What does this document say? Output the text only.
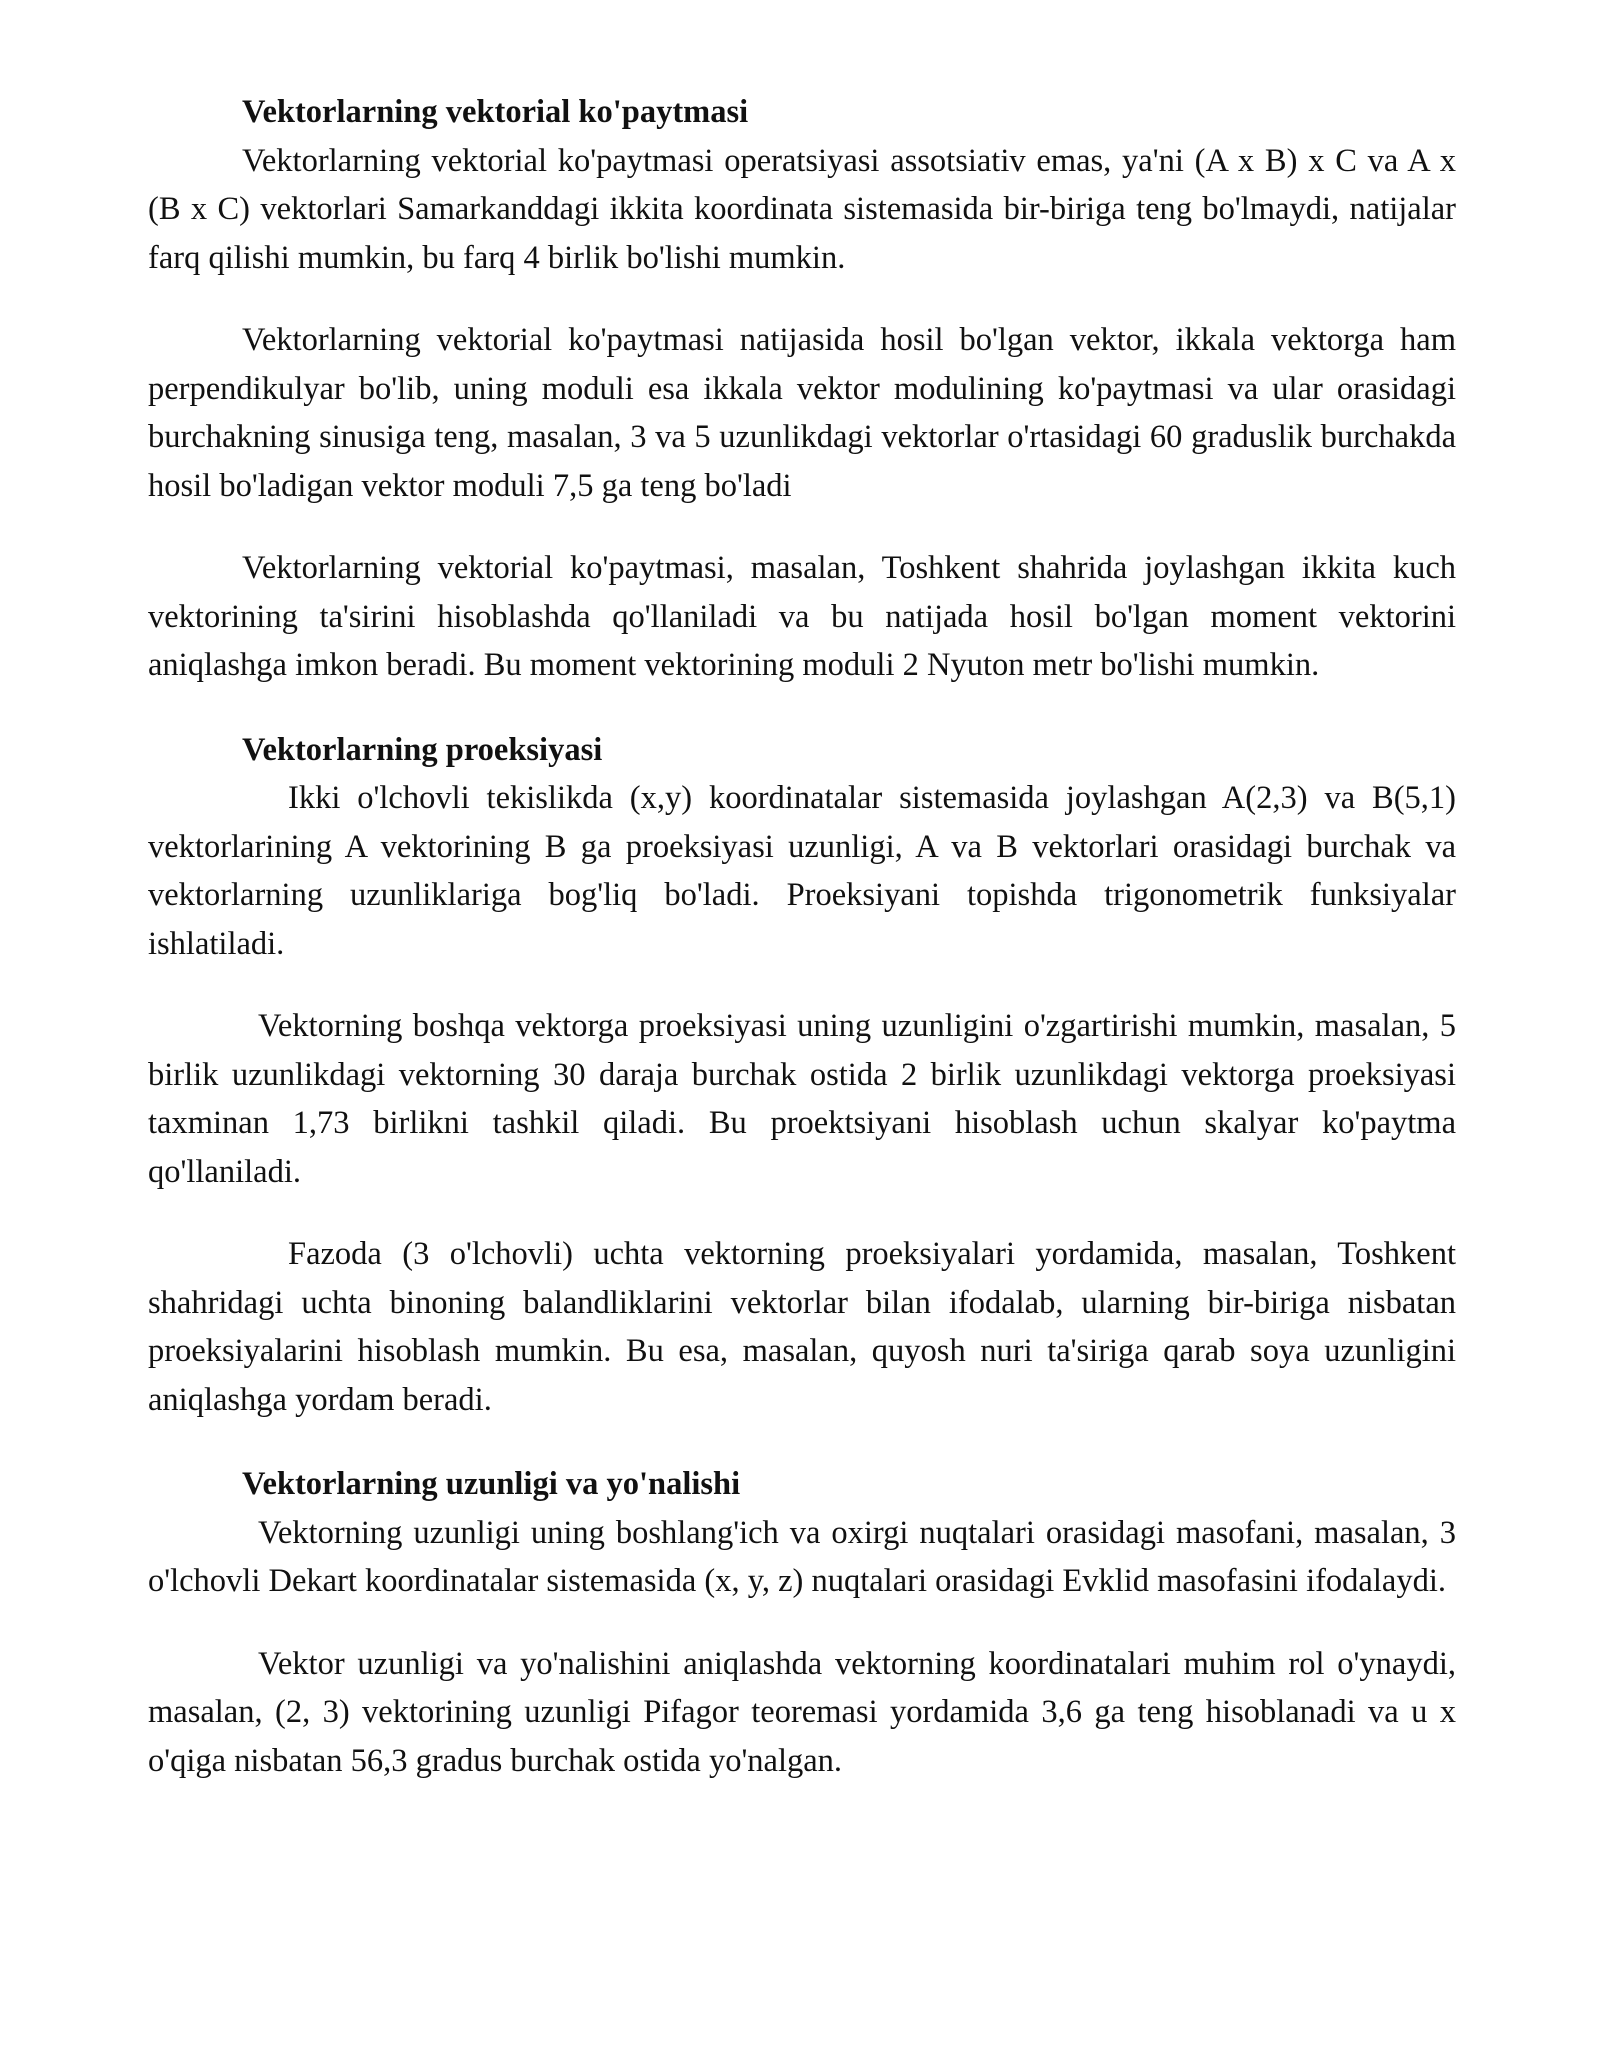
Vektorlarning vektorial ko'paytmasi

Vektorlarning vektorial ko'paytmasi operatsiyasi assotsiativ emas, ya'ni (A x B) x C va A x (B x C) vektorlari Samarkanddagi ikkita koordinata sistemasida bir-biriga teng bo'lmaydi, natijalar farq qilishi mumkin, bu farq 4 birlik bo'lishi mumkin.

Vektorlarning vektorial ko'paytmasi natijasida hosil bo'lgan vektor, ikkala vektorga ham perpendikulyar bo'lib, uning moduli esa ikkala vektor modulining ko'paytmasi va ular orasidagi burchakning sinusiga teng, masalan, 3 va 5 uzunlikdagi vektorlar o'rtasidagi 60 graduslik burchakda hosil bo'ladigan vektor moduli 7,5 ga teng bo'ladi

Vektorlarning vektorial ko'paytmasi, masalan, Toshkent shahrida joylashgan ikkita kuch vektorining ta'sirini hisoblashda qo'llaniladi va bu natijada hosil bo'lgan moment vektorini aniqlashga imkon beradi. Bu moment vektorining moduli 2 Nyuton metr bo'lishi mumkin.

Vektorlarning proeksiyasi

Ikki o'lchovli tekislikda (x,y) koordinatalar sistemasida joylashgan A(2,3) va B(5,1) vektorlarining A vektorining B ga proeksiyasi uzunligi, A va B vektorlari orasidagi burchak va vektorlarning uzunliklariga bog'liq bo'ladi. Proeksiyani topishda trigonometrik funksiyalar ishlatiladi.

Vektorning boshqa vektorga proeksiyasi uning uzunligini o'zgartirishi mumkin, masalan, 5 birlik uzunlikdagi vektorning 30 daraja burchak ostida 2 birlik uzunlikdagi vektorga proeksiyasi taxminan 1,73 birlikni tashkil qiladi. Bu proektsiyani hisoblash uchun skalyar ko'paytma qo'llaniladi.

Fazoda (3 o'lchovli) uchta vektorning proeksiyalari yordamida, masalan, Toshkent shahridagi uchta binoning balandliklarini vektorlar bilan ifodalab, ularning bir-biriga nisbatan proeksiyalarini hisoblash mumkin. Bu esa, masalan, quyosh nuri ta'siriga qarab soya uzunligini aniqlashga yordam beradi.

Vektorlarning uzunligi va yo'nalishi

Vektorning uzunligi uning boshlang'ich va oxirgi nuqtalari orasidagi masofani, masalan, 3 o'lchovli Dekart koordinatalar sistemasida (x, y, z) nuqtalari orasidagi Evklid masofasini ifodalaydi.

Vektor uzunligi va yo'nalishini aniqlashda vektorning koordinatalari muhim rol o'ynaydi, masalan, (2, 3) vektorining uzunligi Pifagor teoremasi yordamida 3,6 ga teng hisoblanadi va u x o'qiga nisbatan 56,3 gradus burchak ostida yo'nalgan.
